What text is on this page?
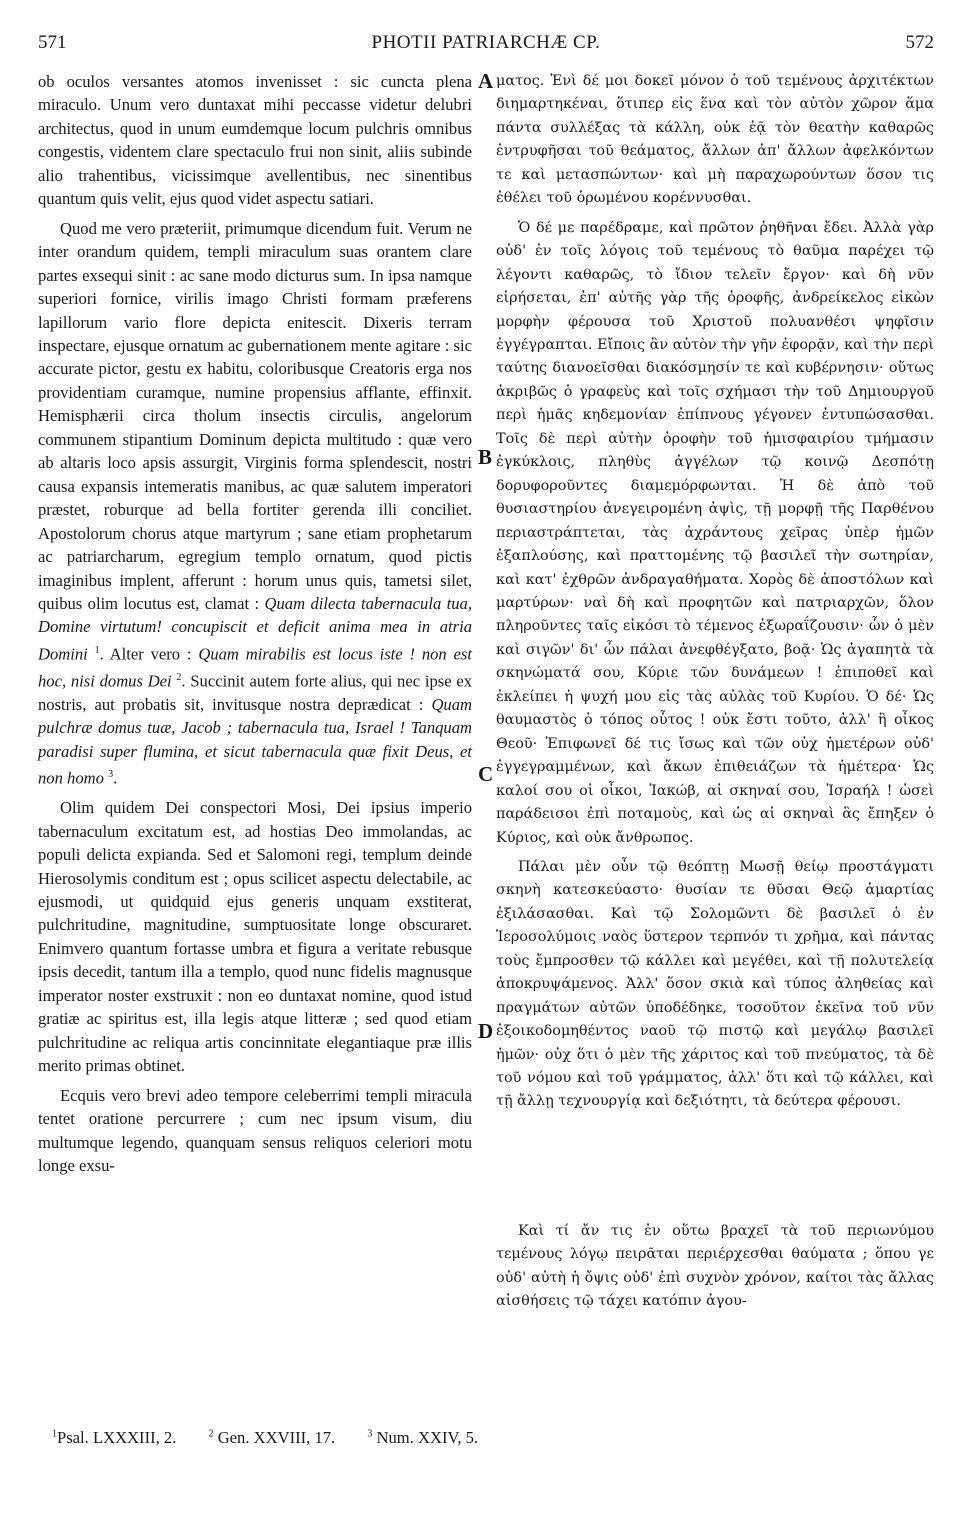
571	PHOTII PATRIARCHÆ CP.	572

ob oculos versantes atomos invenisset : sic cuncta plena miraculo. Unum vero duntaxat mihi peccasse videtur delubri architectus, quod in unum eumdemque locum pulchris omnibus congestis, videntem clare spectaculo frui non sinit, aliis subinde alio trahentibus, vicissimque avellentibus, nec sinentibus quantum quis velit, ejus quod videt aspectu satiari.

Quod me vero præteriit, primumque dicendum fuit. Verum ne inter orandum quidem, templi miraculum suas orantem clare partes exsequi sinit : ac sane modo dicturus sum. In ipsa namque superiori fornice, virilis imago Christi formam præferens lapillorum vario flore depicta enitescit. Dixeris terram inspectare, ejusque ornatum ac gubernationem mente agitare : sic accurate pictor, gestu ex habitu, coloribusque Creatoris erga nos providentiam curamque, numine propensius afflante, effinxit. Hemisphærii circa tholum insectis circulis, angelorum communem stipantium Dominum depicta multitudo : quæ vero ab altaris loco apsis assurgit, Virginis forma splendescit, nostri causa expansis intemeratis manibus, ac quæ salutem imperatori præstet, roburque ad bella fortiter gerenda illi conciliet. Apostolorum chorus atque martyrum ; sane etiam prophetarum ac patriarcharum, egregium templo ornatum, quod pictis imaginibus implent, afferunt : horum unus quis, tametsi silet, quibus olim locutus est, clamat : Quam dilecta tabernacula tua, Domine virtutum! concupiscit et deficit anima mea in atria Domini $^1$. Alter vero : Quam mirabilis est locus iste ! non est hoc, nisi domus Dei $^2$. Succinit autem forte alius, qui nec ipse ex nostris, aut probatis sit, invitusque nostra deprædicat : Quam pulchræ domus tuæ, Jacob ; tabernacula tua, Israel ! Tanquam paradisi super flumina, et sicut tabernacula quæ fixit Deus, et non homo $^3$.

Olim quidem Dei conspectori Mosi, Dei ipsius imperio tabernaculum excitatum est, ad hostias Deo immolandas, ac populi delicta expianda. Sed et Salomoni regi, templum deinde Hierosolymis conditum est ; opus scilicet aspectu delectabile, ac ejusmodi, ut quidquid ejus generis unquam exstiterat, pulchritudine, magnitudine, sumptuositate longe obscuraret. Enimvero quantum fortasse umbra et figura a veritate rebusque ipsis decedit, tantum illa a templo, quod nunc fidelis magnusque imperator noster exstruxit : non eo duntaxat nomine, quod istud gratiæ ac spiritus est, illa legis atque litteræ ; sed quod etiam pulchritudine ac reliqua artis concinnitate elegantiaque præ illis merito primas obtinet.

Ecquis vero brevi adeo tempore celeberrimi templi miracula tentet oratione percurrere ; cum nec ipsum visum, diu multumque legendo, quanquam sensus reliquos celeriori motu longe exsu-

A
B
C
D

ματος. Ἑνὶ δέ μοι δοκεῖ μόνον ὁ τοῦ τεμένους ἀρχιτέκτων διημαρτηκέναι, ὅτιπερ εἰς ἕνα καὶ τὸν αὐτὸν χῶρον ἅμα πάντα συλλέξας τὰ κάλλη, οὐκ ἐᾷ τὸν θεατὴν καθαρῶς ἐντρυφῆσαι τοῦ θεάματος, ἄλλων ἀπ' ἄλλων ἀφελκόντων τε καὶ μετασπώντων· καὶ μὴ παραχωρούντων ὅσον τις ἐθέλει τοῦ ὁρωμένου κορέννυσθαι.

Ὁ δέ με παρέδραμε, καὶ πρῶτον ῥηθῆναι ἔδει. Ἀλλὰ γὰρ οὐδ' ἐν τοῖς λόγοις τοῦ τεμένους τὸ θαῦμα παρέχει τῷ λέγοντι καθαρῶς, τὸ ἴδιον τελεῖν ἔργον· καὶ δὴ νῦν εἰρήσεται, ἐπ' αὐτῆς γὰρ τῆς ὀροφῆς, ἀνδρείκελος εἰκὼν μορφὴν φέρουσα τοῦ Χριστοῦ πολυανθέσι ψηφῖσιν ἐγγέγραπται. Εἴποις ἂν αὐτὸν τὴν γῆν ἐφορᾷν, καὶ τὴν περὶ ταύτης διανοεῖσθαι διακόσμησίν τε καὶ κυβέρνησιν· οὕτως ἀκριβῶς ὁ γραφεὺς καὶ τοῖς σχήμασι τὴν τοῦ Δημιουργοῦ περὶ ἡμᾶς κηδεμονίαν ἐπίπνους γέγονεν ἐντυπώσασθαι. Τοῖς δὲ περὶ αὐτὴν ὀροφὴν τοῦ ἡμισφαιρίου τμήμασιν ἐγκύκλοις, πληθὺς ἀγγέλων τῷ κοινῷ Δεσπότῃ δορυφοροῦντες διαμεμόρφωνται. Ἡ δὲ ἀπὸ τοῦ θυσιαστηρίου ἀνεγειρομένη ἀψὶς, τῇ μορφῇ τῆς Παρθένου περιαστράπτεται, τὰς ἀχράντους χεῖρας ὑπὲρ ἡμῶν ἐξαπλούσης, καὶ πραττομένης τῷ βασιλεῖ τὴν σωτηρίαν, καὶ κατ' ἐχθρῶν ἀνδραγαθήματα. Χορὸς δὲ ἀποστόλων καὶ μαρτύρων· ναὶ δὴ καὶ προφητῶν καὶ πατριαρχῶν, ὅλον πληροῦντες ταῖς εἰκόσι τὸ τέμενος ἐξωραΐζουσιν· ὧν ὁ μὲν καὶ σιγῶν' δι' ὧν πάλαι ἀνεφθέγξατο, βοᾷ· Ὡς ἀγαπητὰ τὰ σκηνώματά σου, Κύριε τῶν δυνάμεων ! ἐπιποθεῖ καὶ ἐκλείπει ἡ ψυχή μου εἰς τὰς αὐλὰς τοῦ Κυρίου. Ὁ δέ· Ὡς θαυμαστὸς ὁ τόπος οὗτος ! οὐκ ἔστι τοῦτο, ἀλλ' ἢ οἶκος Θεοῦ· Ἐπιφωνεῖ δέ τις ἴσως καὶ τῶν οὐχ ἡμετέρων οὐδ' ἐγγεγραμμένων, καὶ ἄκων ἐπιθειάζων τὰ ἡμέτερα· Ὡς καλοί σου οἱ οἶκοι, Ἰακώβ, αἱ σκηναί σου, Ἰσραήλ ! ὡσεὶ παράδεισοι ἐπὶ ποταμοὺς, καὶ ὡς αἱ σκηναὶ ἃς ἔπηξεν ὁ Κύριος, καὶ οὐκ ἄνθρωπος.

Πάλαι μὲν οὖν τῷ θεόπτῃ Μωσῇ θείῳ προστάγματι σκηνὴ κατεσκεύαστο· θυσίαν τε θῦσαι Θεῷ ἁμαρτίας ἐξιλάσασθαι. Καὶ τῷ Σολομῶντι δὲ βασιλεῖ ὁ ἐν Ἱεροσολύμοις ναὸς ὕστερον τερπνόν τι χρῆμα, καὶ πάντας τοὺς ἔμπροσθεν τῷ κάλλει καὶ μεγέθει, καὶ τῇ πολυτελείᾳ ἀποκρυψάμενος. Ἀλλ' ὅσον σκιὰ καὶ τύπος ἀληθείας καὶ πραγμάτων αὐτῶν ὑποδέδηκε, τοσοῦτον ἐκεῖνα τοῦ νῦν ἐξοικοδομηθέντος ναοῦ τῷ πιστῷ καὶ μεγάλῳ βασιλεῖ ἡμῶν· οὐχ ὅτι ὁ μὲν τῆς χάριτος καὶ τοῦ πνεύματος, τὰ δὲ τοῦ νόμου καὶ τοῦ γράμματος, ἀλλ' ὅτι καὶ τῷ κάλλει, καὶ τῇ ἄλλῃ τεχνουργίᾳ καὶ δεξιότητι, τὰ δεύτερα φέρουσι.

Καὶ τί ἄν τις ἐν οὕτω βραχεῖ τὰ τοῦ περιωνύμου τεμένους λόγῳ πειρᾶται περιέρχεσθαι θαύματα ; ὅπου γε οὐδ' αὐτὴ ἡ ὄψις οὐδ' ἐπὶ συχνὸν χρόνον, καίτοι τὰς ἄλλας αἰσθήσεις τῷ τάχει κατόπιν ἀγου-

$^1$Psal. LXXXIII, 2.	$^2$ Gen. XXVIII, 17.	$^3$ Num. XXIV, 5.
